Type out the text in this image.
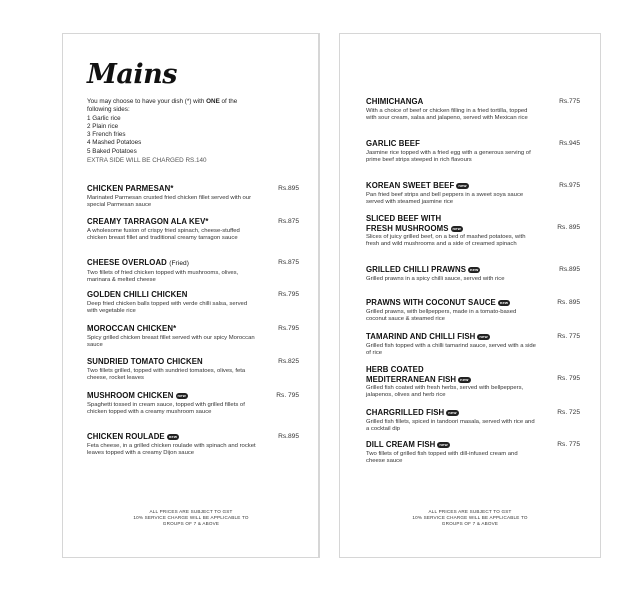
Mains
You may choose to have your dish (*) with ONE of the
following sides:
1 Garlic rice
2 Plain rice
3 French fries
4 Mashed Potatoes
5 Baked Potatoes
EXTRA SIDE WILL BE CHARGED RS.140
CHICKEN PARMESAN*	Rs.895
Marinated Parmesan crusted fried chicken fillet served with our special Parmesan sauce
CREAMY TARRAGON ALA KEV*	Rs.875
A wholesome fusion of crispy fried spinach, cheese-stuffed chicken breast fillet and traditional creamy tarragon sauce
CHEESE OVERLOAD (Fried)	Rs.875
Two fillets of fried chicken topped with mushrooms, olives, marinara & melted cheese
GOLDEN CHILLI CHICKEN	Rs.795
Deep fried chicken balls topped with verde chilli salsa, served with vegetable rice
MOROCCAN CHICKEN*	Rs.795
Spicy grilled chicken breast fillet served with our spicy Moroccan sauce
SUNDRIED TOMATO CHICKEN	Rs.825
Two fillets grilled, topped with sundried tomatoes, olives, feta cheese, rocket leaves
MUSHROOM CHICKEN new	Rs. 795
Spaghetti tossed in cream sauce, topped with grilled fillets of chicken topped with a creamy mushroom sauce
CHICKEN ROULADE new	Rs.895
Feta cheese, in a grilled chicken roulade with spinach and rocket leaves topped with a creamy Dijon sauce
ALL PRICES ARE SUBJECT TO GST
10% SERVICE CHARGE WILL BE APPLICABLE TO
GROUPS OF 7 & ABOVE
CHIMICHANGA	Rs.775
With a choice of beef or chicken filling in a fried tortilla, topped with sour cream, salsa and jalapeno, served with Mexican rice
GARLIC BEEF	Rs.945
Jasmine rice topped with a fried egg with a generous serving of prime beef strips steeped in rich flavours
KOREAN SWEET BEEF new	Rs.975
Pan fried beef strips and bell peppers in a sweet soya sauce served with steamed jasmine rice
SLICED BEEF WITH
FRESH MUSHROOMS new	Rs. 895
Slices of juicy grilled beef, on a bed of mashed potatoes, with fresh and wild mushrooms and a side of creamed spinach
GRILLED CHILLI PRAWNS new	Rs.895
Grilled prawns in a spicy chilli sauce, served with rice
PRAWNS WITH COCONUT SAUCE new	Rs. 895
Grilled prawns, with bellpeppers, made in a tomato-based coconut sauce & steamed rice
TAMARIND AND CHILLI FISH new	Rs. 775
Grilled fish topped with a chilli tamarind sauce, served with a side of rice
HERB COATED
MEDITERRANEAN FISH new	Rs. 795
Grilled fish coated with fresh herbs, served with bellpeppers, jalapenos, olives and herb rice
CHARGRILLED FISH new	Rs. 725
Grilled fish fillets, spiced in tandoori masala, served with rice and a cocktail dip
DILL CREAM FISH new	Rs. 775
Two fillets of grilled fish topped with dill-infused cream and cheese sauce
ALL PRICES ARE SUBJECT TO GST
10% SERVICE CHARGE WILL BE APPLICABLE TO
GROUPS OF 7 & ABOVE
